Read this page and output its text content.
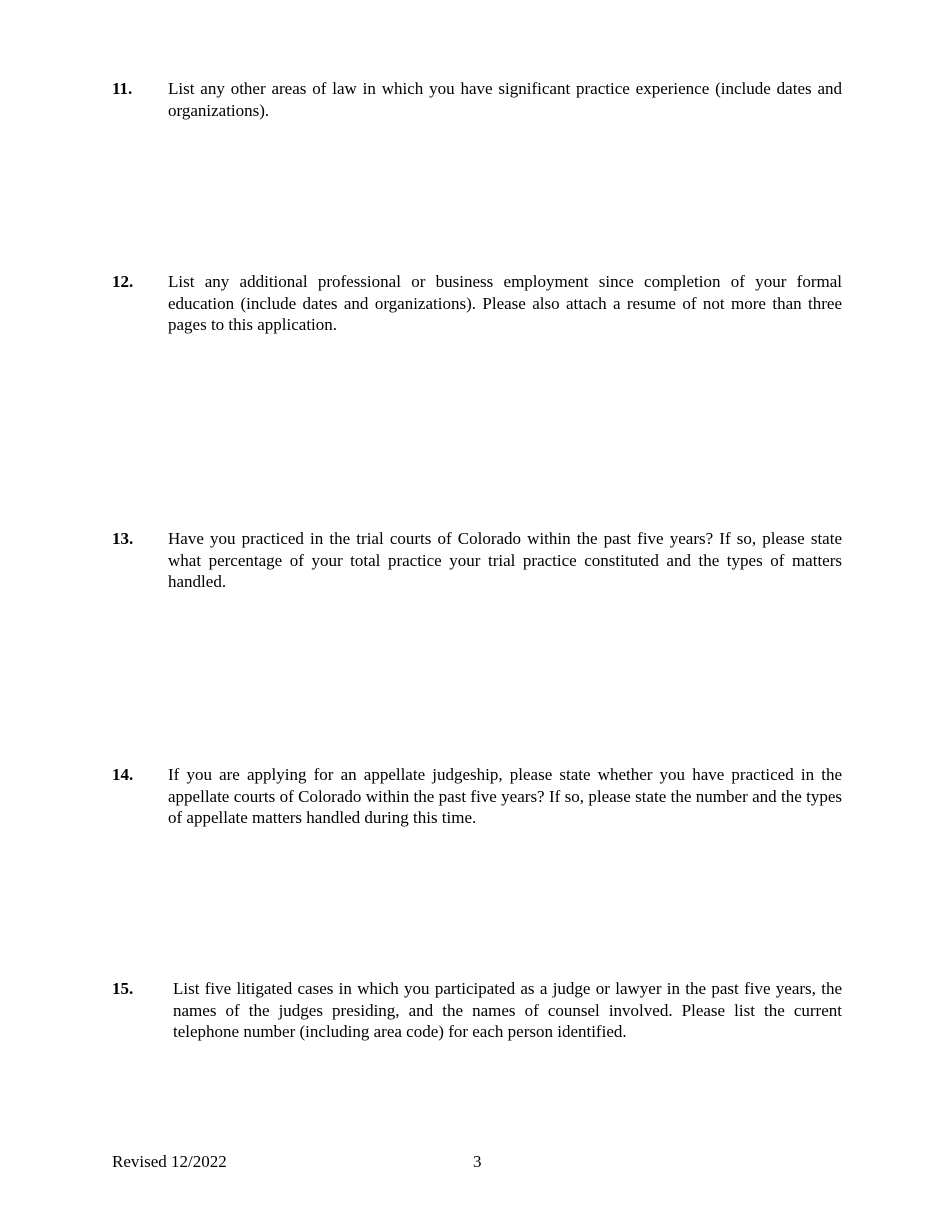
11. List any other areas of law in which you have significant practice experience (include dates and organizations).
12. List any additional professional or business employment since completion of your formal education (include dates and organizations). Please also attach a resume of not more than three pages to this application.
13. Have you practiced in the trial courts of Colorado within the past five years? If so, please state what percentage of your total practice your trial practice constituted and the types of matters handled.
14. If you are applying for an appellate judgeship, please state whether you have practiced in the appellate courts of Colorado within the past five years? If so, please state the number and the types of appellate matters handled during this time.
15. List five litigated cases in which you participated as a judge or lawyer in the past five years, the names of the judges presiding, and the names of counsel involved. Please list the current telephone number (including area code) for each person identified.
Revised 12/2022	3
